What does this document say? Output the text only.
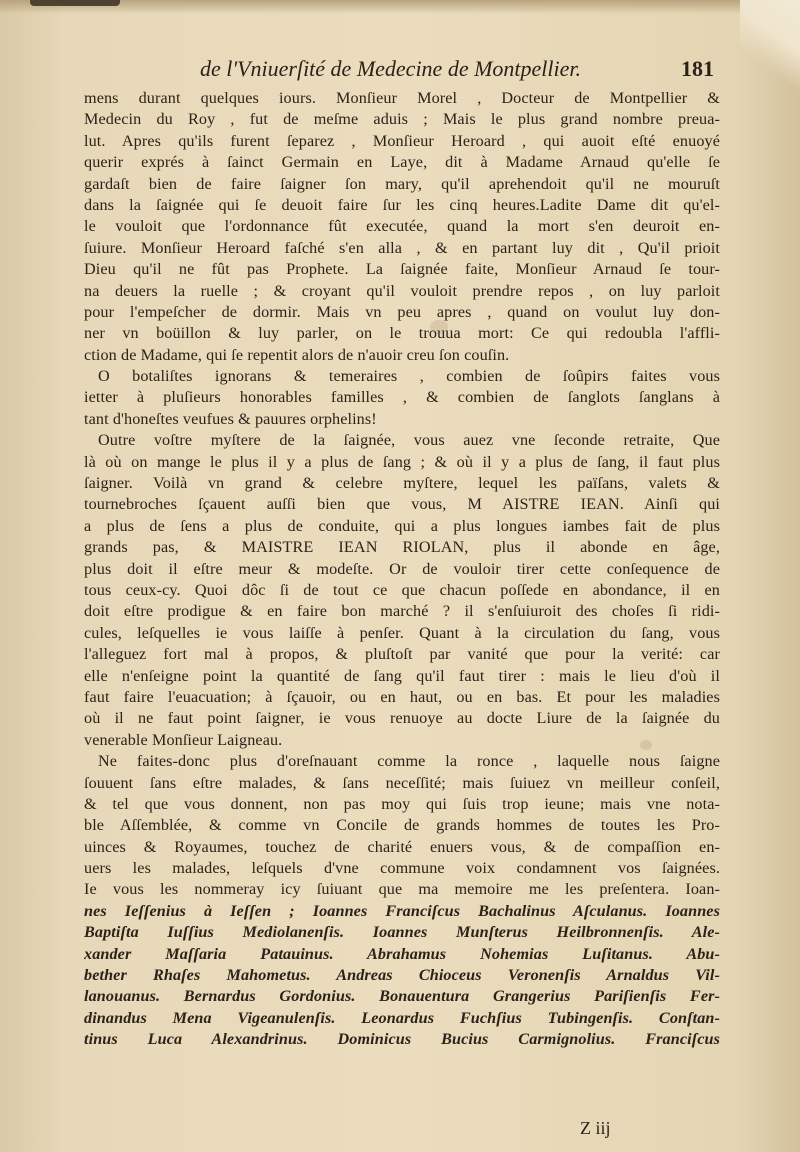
de l'Vniuerſité de Medecine de Montpellier.	181
mens durant quelques iours. Monſieur Morel , Docteur de Montpellier &
Medecin du Roy , fut de meſme aduis ; Mais le plus grand nombre preua-
lut. Apres qu'ils furent ſeparez , Monſieur Heroard , qui auoit eſté enuoyé
querir exprés à ſainct Germain en Laye, dit à Madame Arnaud qu'elle ſe
gardaſt bien de faire ſaigner ſon mary, qu'il aprehendoit qu'il ne mouruſt
dans la ſaignée qui ſe deuoit faire ſur les cinq heures.Ladite Dame dit qu'el-
le vouloit que l'ordonnance fût executée, quand la mort s'en deuroit en-
ſuiure. Monſieur Heroard faſché s'en alla , & en partant luy dit , Qu'il prioit
Dieu qu'il ne fût pas Prophete. La ſaignée faite, Monſieur Arnaud ſe tour-
na deuers la ruelle ; & croyant qu'il vouloit prendre repos , on luy parloit
pour l'empeſcher de dormir. Mais vn peu apres , quand on voulut luy don-
ner vn boüillon & luy parler, on le trouua mort: Ce qui redoubla l'affli-
ction de Madame, qui ſe repentit alors de n'auoir creu ſon couſin.
O botaliſtes ignorans & temeraires , combien de ſoûpirs faites vous
ietter à pluſieurs honorables familles , & combien de ſanglots ſanglans à
tant d'honeſtes veufues & pauures orphelins!
Outre voſtre myſtere de la ſaignée, vous auez vne ſeconde retraite, Que
là où on mange le plus il y a plus de ſang ; & où il y a plus de ſang, il faut plus
ſaigner. Voilà vn grand & celebre myſtere, lequel les païſans, valets &
tournebroches ſçauent auſſi bien que vous, M AISTRE IEAN. Ainſi qui
a plus de ſens a plus de conduite, qui a plus longues iambes fait de plus
grands pas, & MAISTRE IEAN RIOLAN, plus il abonde en âge,
plus doit il eſtre meur & modeſte. Or de vouloir tirer cette conſequence de
tous ceux-cy. Quoi dôc ſi de tout ce que chacun poſſede en abondance, il en
doit eſtre prodigue & en faire bon marché ? il s'enſuiuroit des choſes ſi ridi-
cules, leſquelles ie vous laiſſe à penſer. Quant à la circulation du ſang, vous
l'alleguez fort mal à propos, & pluſtoſt par vanité que pour la verité: car
elle n'enſeigne point la quantité de ſang qu'il faut tirer : mais le lieu d'où il
faut faire l'euacuation; à ſçauoir, ou en haut, ou en bas. Et pour les maladies
où il ne faut point ſaigner, ie vous renuoye au docte Liure de la ſaignée du
venerable Monſieur Laigneau.
Ne faites-donc plus d'oreſnauant comme la ronce , laquelle nous ſaigne
ſouuent ſans eſtre malades, & ſans neceſſité; mais ſuiuez vn meilleur conſeil,
& tel que vous donnent, non pas moy qui ſuis trop ieune; mais vne nota-
ble Aſſemblée, & comme vn Concile de grands hommes de toutes les Pro-
uinces & Royaumes, touchez de charité enuers vous, & de compaſſion en-
uers les malades, leſquels d'vne commune voix condamnent vos ſaignées.
Ie vous les nommeray icy ſuiuant que ma memoire me les preſentera. Ioan-
nes Ieſſenius à Ieſſen ; Ioannes Franciſcus Bachalinus Aſculanus. Ioannes
Baptiſta Iuſſius Mediolanenſis. Ioannes Munſterus Heilbronnenſis. Ale-
xander Maſſaria Patauinus. Abrahamus Nohemias Luſitanus. Abu-
bether Rhaſes Mahometus. Andreas Chioceus Veronenſis Arnaldus Vil-
lanouanus. Bernardus Gordonius. Bonauentura Grangerius Pariſienſis Fer-
dinandus Mena Vigeanulenſis. Leonardus Fuchſius Tubingenſis. Conſtan-
tinus Luca Alexandrinus. Dominicus Bucius Carmignolius. Franciſcus
Z iij
